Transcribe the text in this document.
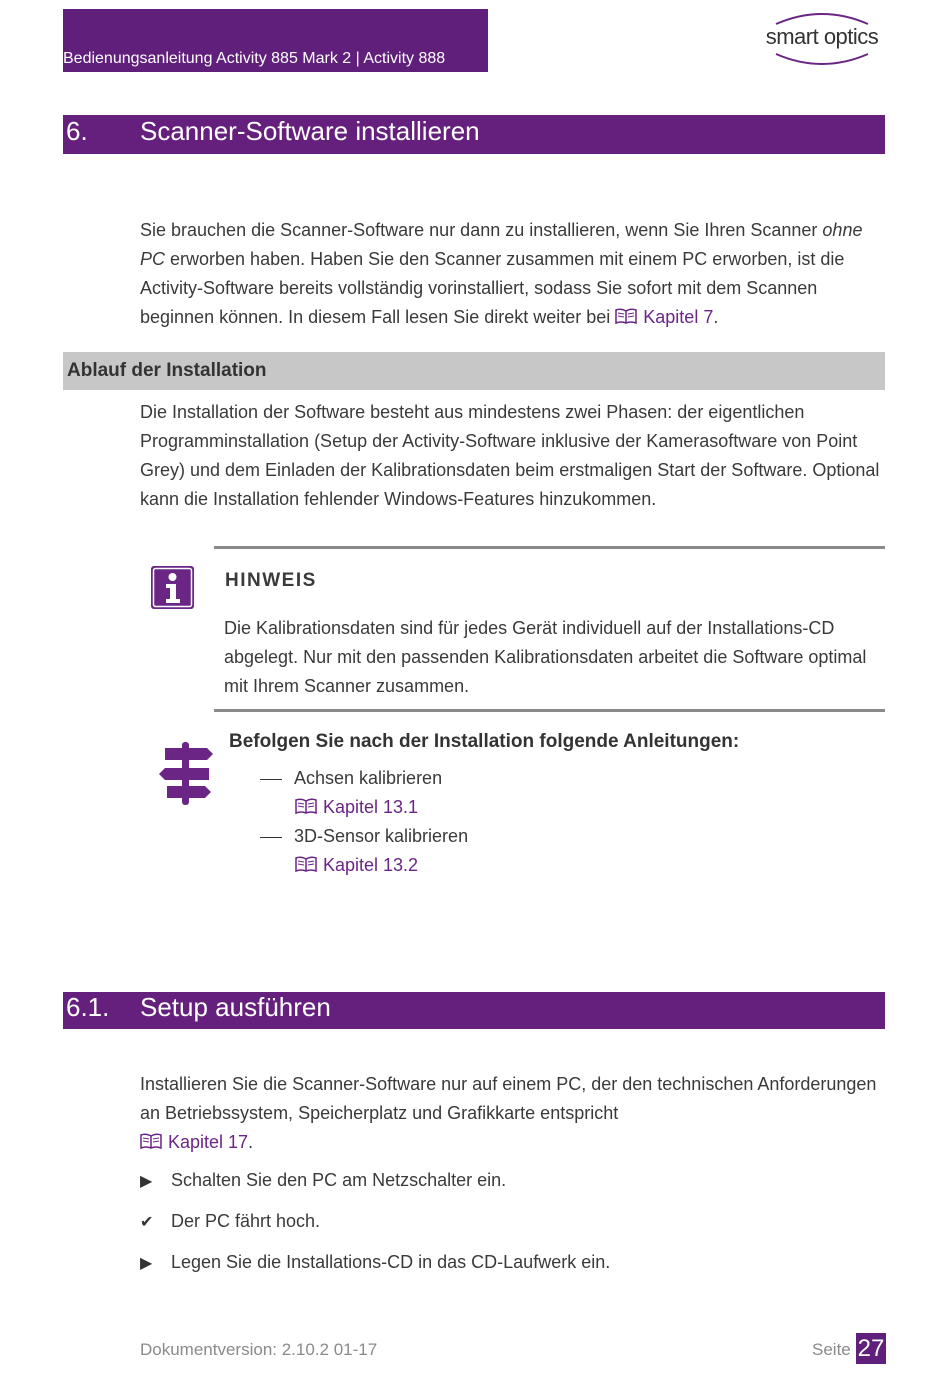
Bedienungsanleitung Activity 885 Mark 2 | Activity 888
smart optics
6. Scanner-Software installieren

Sie brauchen die Scanner-Software nur dann zu installieren, wenn Sie Ihren Scanner ohne PC erworben haben. Haben Sie den Scanner zusammen mit einem PC erworben, ist die Activity-Software bereits vollständig vorinstalliert, sodass Sie sofort mit dem Scannen beginnen können. In diesem Fall lesen Sie direkt weiter bei Kapitel 7.

Ablauf der Installation

Die Installation der Software besteht aus mindestens zwei Phasen: der eigentlichen Programminstallation (Setup der Activity-Software inklusive der Kamerasoftware von Point Grey) und dem Einladen der Kalibrationsdaten beim erstmaligen Start der Software. Optional kann die Installation fehlender Windows-Features hinzukommen.

HINWEIS

Die Kalibrationsdaten sind für jedes Gerät individuell auf der Installations-CD abgelegt. Nur mit den passenden Kalibrationsdaten arbeitet die Software optimal mit Ihrem Scanner zusammen.

Befolgen Sie nach der Installation folgende Anleitungen:
Achsen kalibrieren
Kapitel 13.1
3D-Sensor kalibrieren
Kapitel 13.2
6.1. Setup ausführen

Installieren Sie die Scanner-Software nur auf einem PC, der den technischen Anforderungen an Betriebssystem, Speicherplatz und Grafikkarte entspricht
Kapitel 17.

▶ Schalten Sie den PC am Netzschalter ein.
✔ Der PC fährt hoch.
▶ Legen Sie die Installations-CD in das CD-Laufwerk ein.
Dokumentversion: 2.10.2 01-17	Seite 27
